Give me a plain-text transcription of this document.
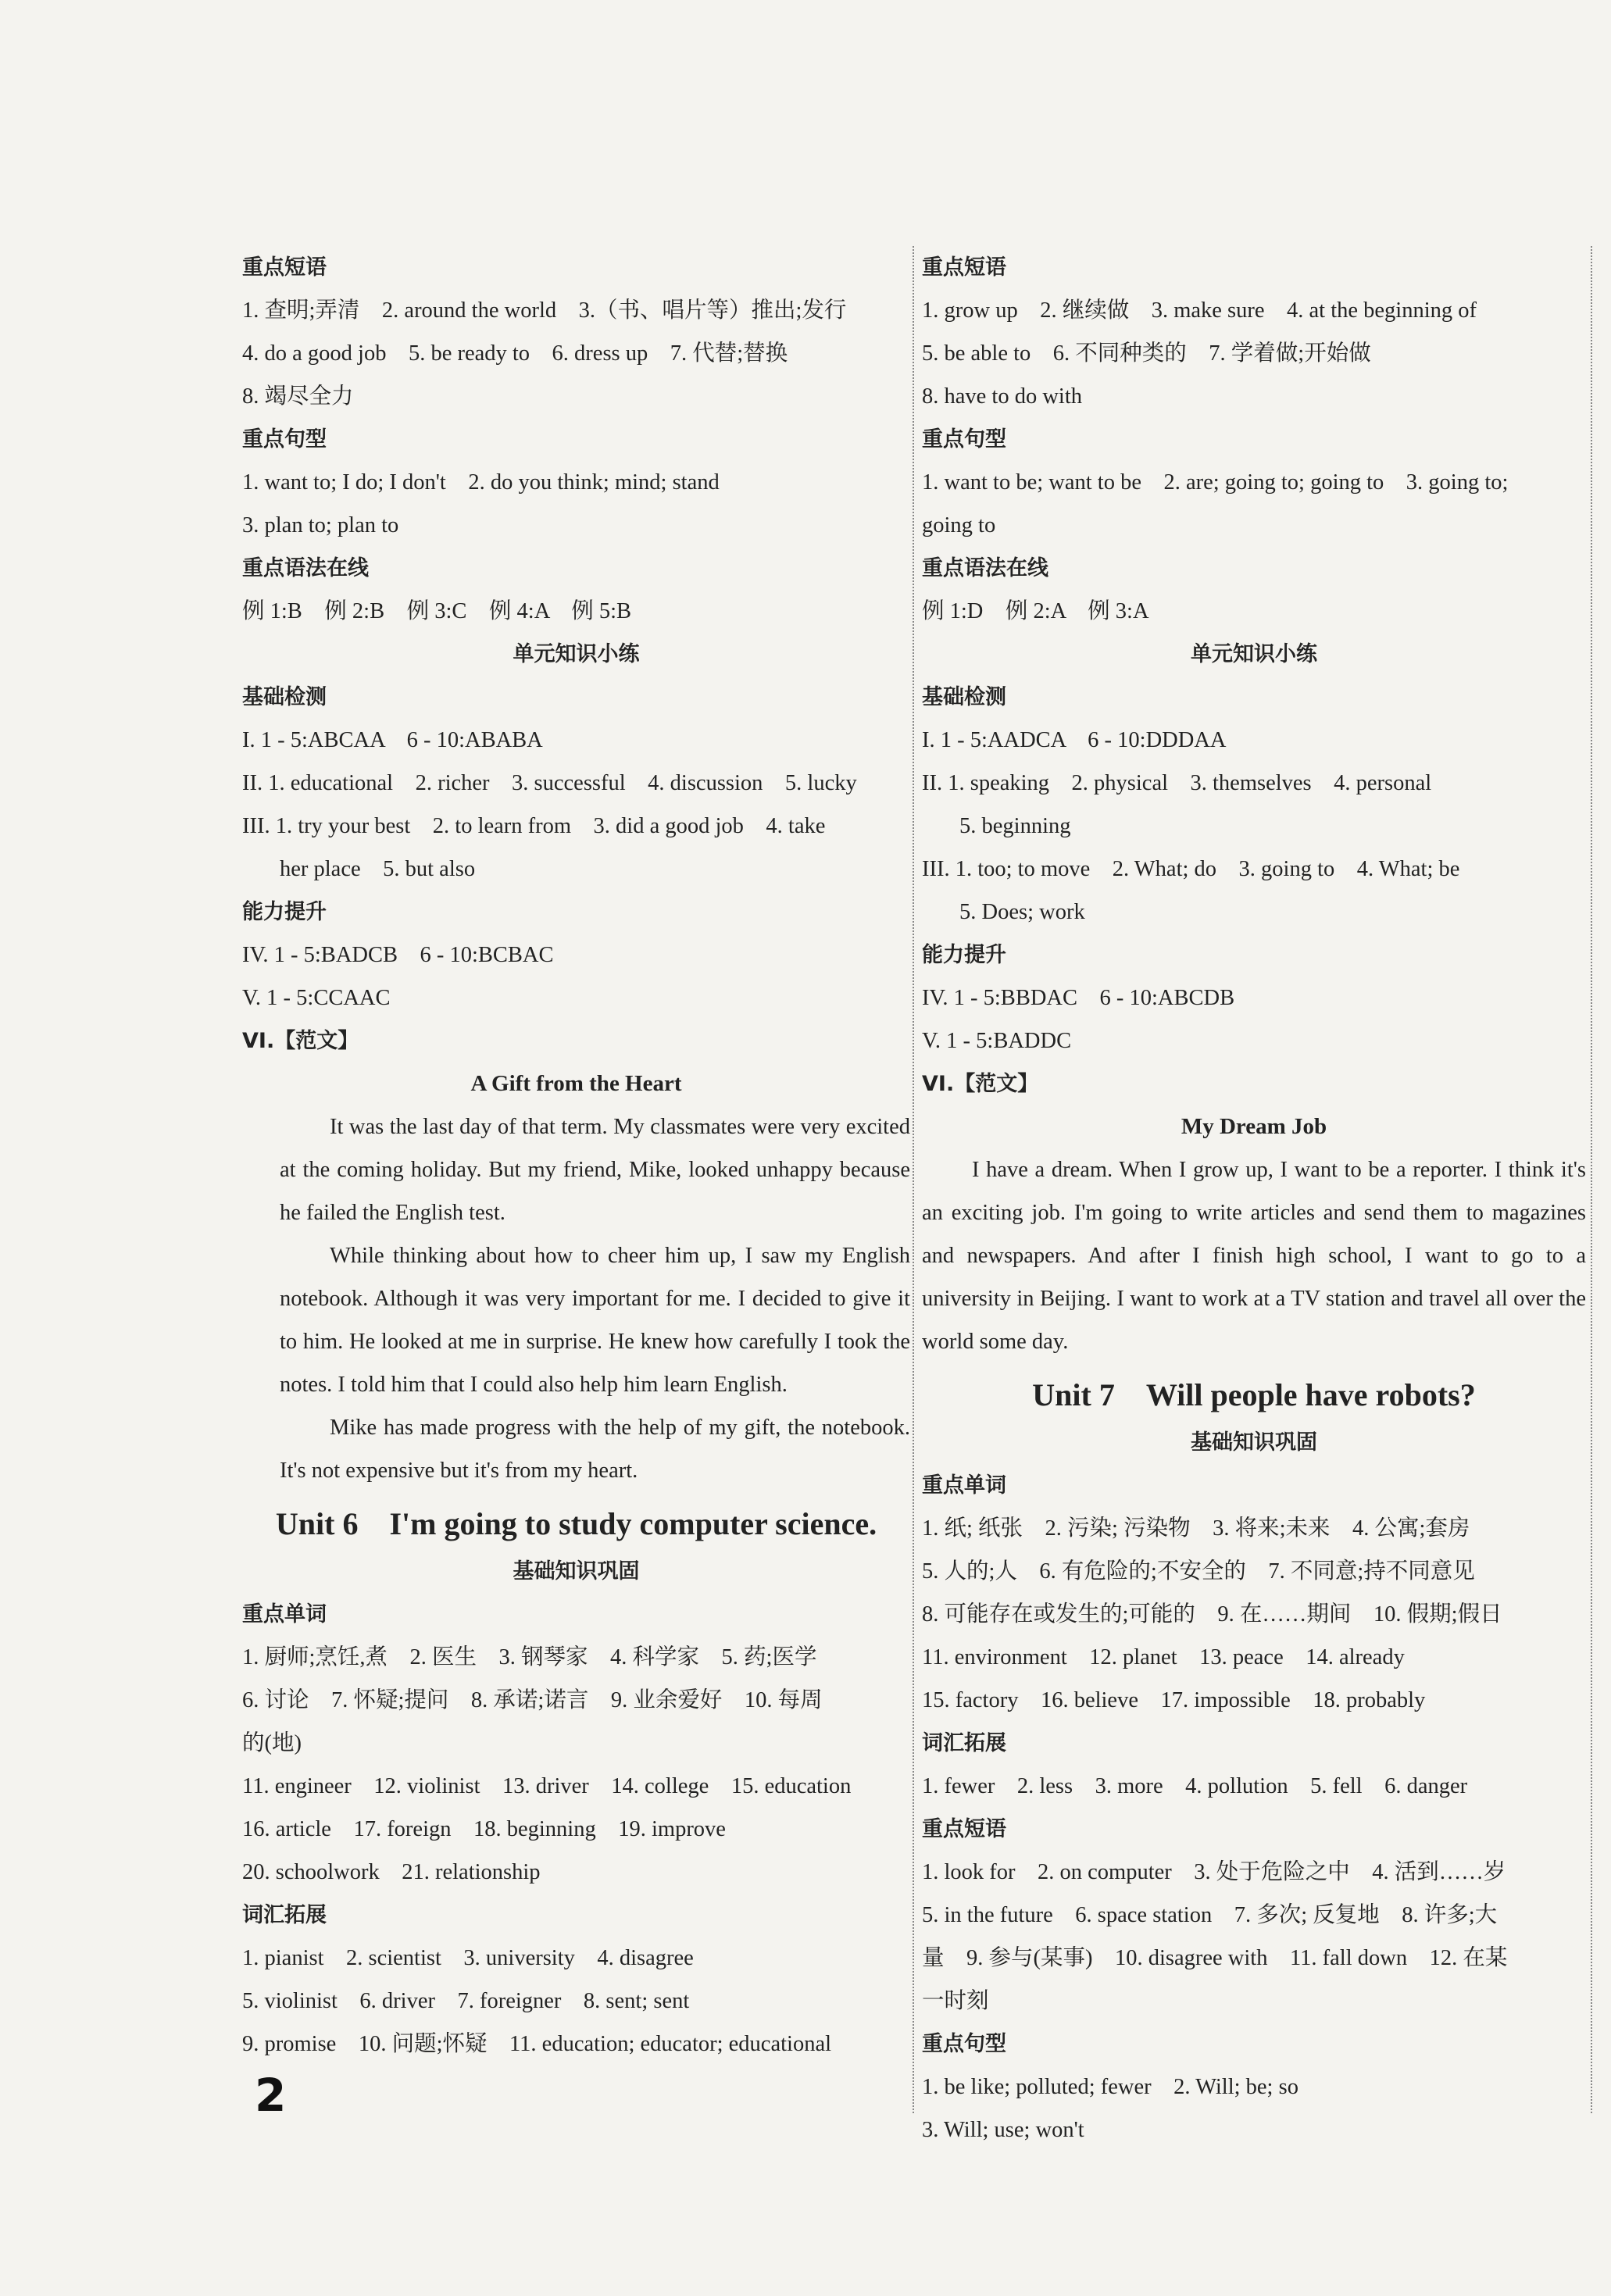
重点短语
1. 查明;弄清　2. around the world　3.（书、唱片等）推出;发行
4. do a good job　5. be ready to　6. dress up　7. 代替;替换
8. 竭尽全力
重点句型
1. want to; I do; I don't　2. do you think; mind; stand
3. plan to; plan to
重点语法在线
例 1:B　例 2:B　例 3:C　例 4:A　例 5:B
单元知识小练
基础检测
I. 1 - 5:ABCAA　6 - 10:ABABA
II. 1. educational　2. richer　3. successful　4. discussion　5. lucky
III. 1. try your best　2. to learn from　3. did a good job　4. take
her place　5. but also
能力提升
IV. 1 - 5:BADCB　6 - 10:BCBAC
V. 1 - 5:CCAAC
VI.【范文】
A Gift from the Heart
It was the last day of that term. My classmates were very excited at the coming holiday. But my friend, Mike, looked unhappy because he failed the English test.
While thinking about how to cheer him up, I saw my English notebook. Although it was very important for me. I decided to give it to him. He looked at me in surprise. He knew how carefully I took the notes. I told him that I could also help him learn English.
Mike has made progress with the help of my gift, the notebook. It's not expensive but it's from my heart.
Unit 6　I'm going to study computer science.
基础知识巩固
重点单词
1. 厨师;烹饪,煮　2. 医生　3. 钢琴家　4. 科学家　5. 药;医学
6. 讨论　7. 怀疑;提问　8. 承诺;诺言　9. 业余爱好　10. 每周
的(地)
11. engineer　12. violinist　13. driver　14. college　15. education
16. article　17. foreign　18. beginning　19. improve
20. schoolwork　21. relationship
词汇拓展
1. pianist　2. scientist　3. university　4. disagree
5. violinist　6. driver　7. foreigner　8. sent; sent
9. promise　10. 问题;怀疑　11. education; educator; educational
重点短语
1. grow up　2. 继续做　3. make sure　4. at the beginning of
5. be able to　6. 不同种类的　7. 学着做;开始做
8. have to do with
重点句型
1. want to be; want to be　2. are; going to; going to　3. going to;
going to
重点语法在线
例 1:D　例 2:A　例 3:A
单元知识小练
基础检测
I. 1 - 5:AADCA　6 - 10:DDDAA
II. 1. speaking　2. physical　3. themselves　4. personal
5. beginning
III. 1. too; to move　2. What; do　3. going to　4. What; be
5. Does; work
能力提升
IV. 1 - 5:BBDAC　6 - 10:ABCDB
V. 1 - 5:BADDC
VI.【范文】
My Dream Job
I have a dream. When I grow up, I want to be a reporter. I think it's an exciting job. I'm going to write articles and send them to magazines and newspapers. And after I finish high school, I want to go to a university in Beijing. I want to work at a TV station and travel all over the world some day.
Unit 7　Will people have robots?
基础知识巩固
重点单词
1. 纸; 纸张　2. 污染; 污染物　3. 将来;未来　4. 公寓;套房
5. 人的;人　6. 有危险的;不安全的　7. 不同意;持不同意见
8. 可能存在或发生的;可能的　9. 在……期间　10. 假期;假日
11. environment　12. planet　13. peace　14. already
15. factory　16. believe　17. impossible　18. probably
词汇拓展
1. fewer　2. less　3. more　4. pollution　5. fell　6. danger
重点短语
1. look for　2. on computer　3. 处于危险之中　4. 活到……岁
5. in the future　6. space station　7. 多次; 反复地　8. 许多;大
量　9. 参与(某事)　10. disagree with　11. fall down　12. 在某
一时刻
重点句型
1. be like; polluted; fewer　2. Will; be; so
3. Will; use; won't
2
